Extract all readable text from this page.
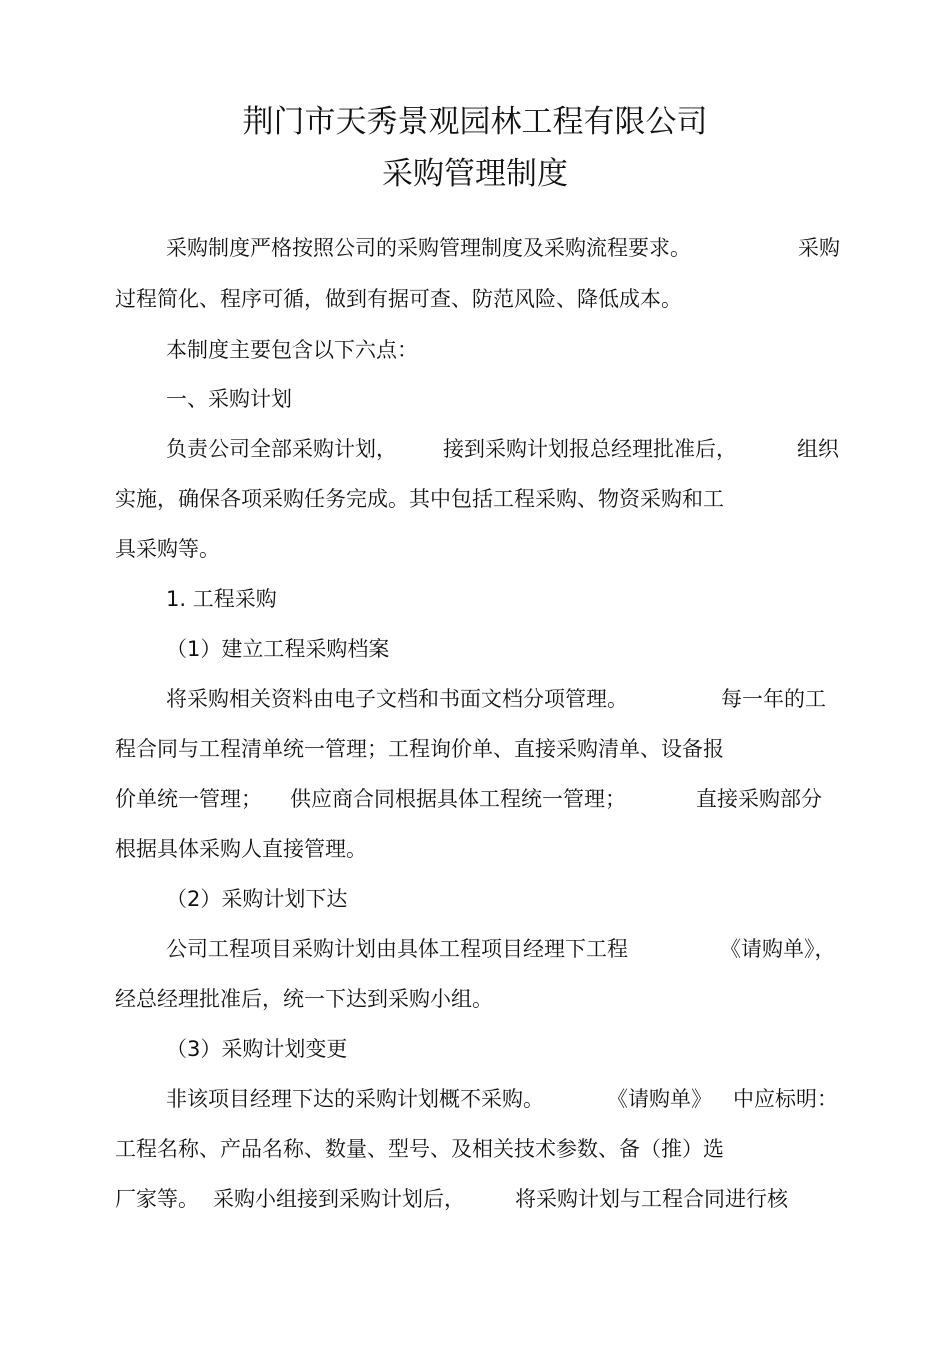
荆门市天秀景观园林工程有限公司
采购管理制度
采购制度严格按照公司的采购管理制度及采购流程要求。	采购
过程简化、程序可循，做到有据可查、防范风险、降低成本。
本制度主要包含以下六点：
一、采购计划
负责公司全部采购计划， 接到采购计划报总经理批准后，	组织
实施，确保各项采购任务完成。其中包括工程采购、物资采购和工
具采购等。
1. 工程采购
（1）建立工程采购档案
将采购相关资料由电子文档和书面文档分项管理。	每一年的工
程合同与工程清单统一管理；工程询价单、直接采购清单、设备报
价单统一管理； 供应商合同根据具体工程统一管理；	直接采购部分
根据具体采购人直接管理。
（2）采购计划下达
公司工程项目采购计划由具体工程项目经理下工程	《请购单》，
经总经理批准后，统一下达到采购小组。
（3）采购计划变更
非该项目经理下达的采购计划概不采购。	《请购单》 中应标明：
工程名称、产品名称、数量、型号、及相关技术参数、备（推）选
厂家等。 采购小组接到采购计划后， 将采购计划与工程合同进行核
